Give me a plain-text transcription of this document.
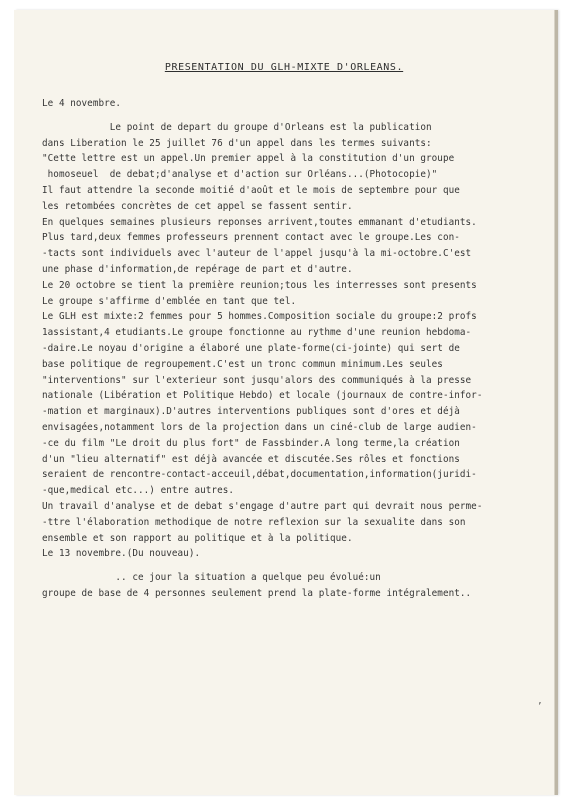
PRESENTATION DU GLH-MIXTE D'ORLEANS.
Le 4 novembre.
Le point de depart du groupe d'Orleans est la publication
dans Liberation le 25 juillet 76 d'un appel dans les termes suivants:
"Cette lettre est un appel.Un premier appel à la constitution d'un groupe
homoseuel  de debat;d'analyse et d'action sur Orléans...(Photocopie)"
Il faut attendre la seconde moitié d'août et le mois de septembre pour que
les retombées concrètes de cet appel se fassent sentir.
En quelques semaines plusieurs reponses arrivent,toutes emmanant d'etudiants.
Plus tard,deux femmes professeurs prennent contact avec le groupe.Les con-
-tacts sont individuels avec l'auteur de l'appel jusqu'à la mi-octobre.C'est
une phase d'information,de repérage de part et d'autre.
Le 20 octobre se tient la première reunion;tous les interresses sont presents
Le groupe s'affirme d'emblée en tant que tel.
Le GLH est mixte:2 femmes pour 5 hommes.Composition sociale du groupe:2 profs
1assistant,4 etudiants.Le groupe fonctionne au rythme d'une reunion hebdoma-
-daire.Le noyau d'origine a élaboré une plate-forme(ci-jointe) qui sert de
base politique de regroupement.C'est un tronc commun minimum.Les seules
"interventions" sur l'exterieur sont jusqu'alors des communiqués à la presse
nationale (Libération et Politique Hebdo) et locale (journaux de contre-infor-
-mation et marginaux).D'autres interventions publiques sont d'ores et déjà
envisagées,notamment lors de la projection dans un ciné-club de large audien-
-ce du film "Le droit du plus fort" de Fassbinder.A long terme,la création
d'un "lieu alternatif" est déjà avancée et discutée.Ses rôles et fonctions
seraient de rencontre-contact-acceuil,débat,documentation,information(juridi-
-que,medical etc...) entre autres.
Un travail d'analyse et de debat s'engage d'autre part qui devrait nous perme-
-ttre l'élaboration methodique de notre reflexion sur la sexualite dans son
ensemble et son rapport au politique et à la politique.
Le 13 novembre.(Du nouveau).
.. ce jour la situation a quelque peu évolué:un
groupe de base de 4 personnes seulement prend la plate-forme intégralement..
’
